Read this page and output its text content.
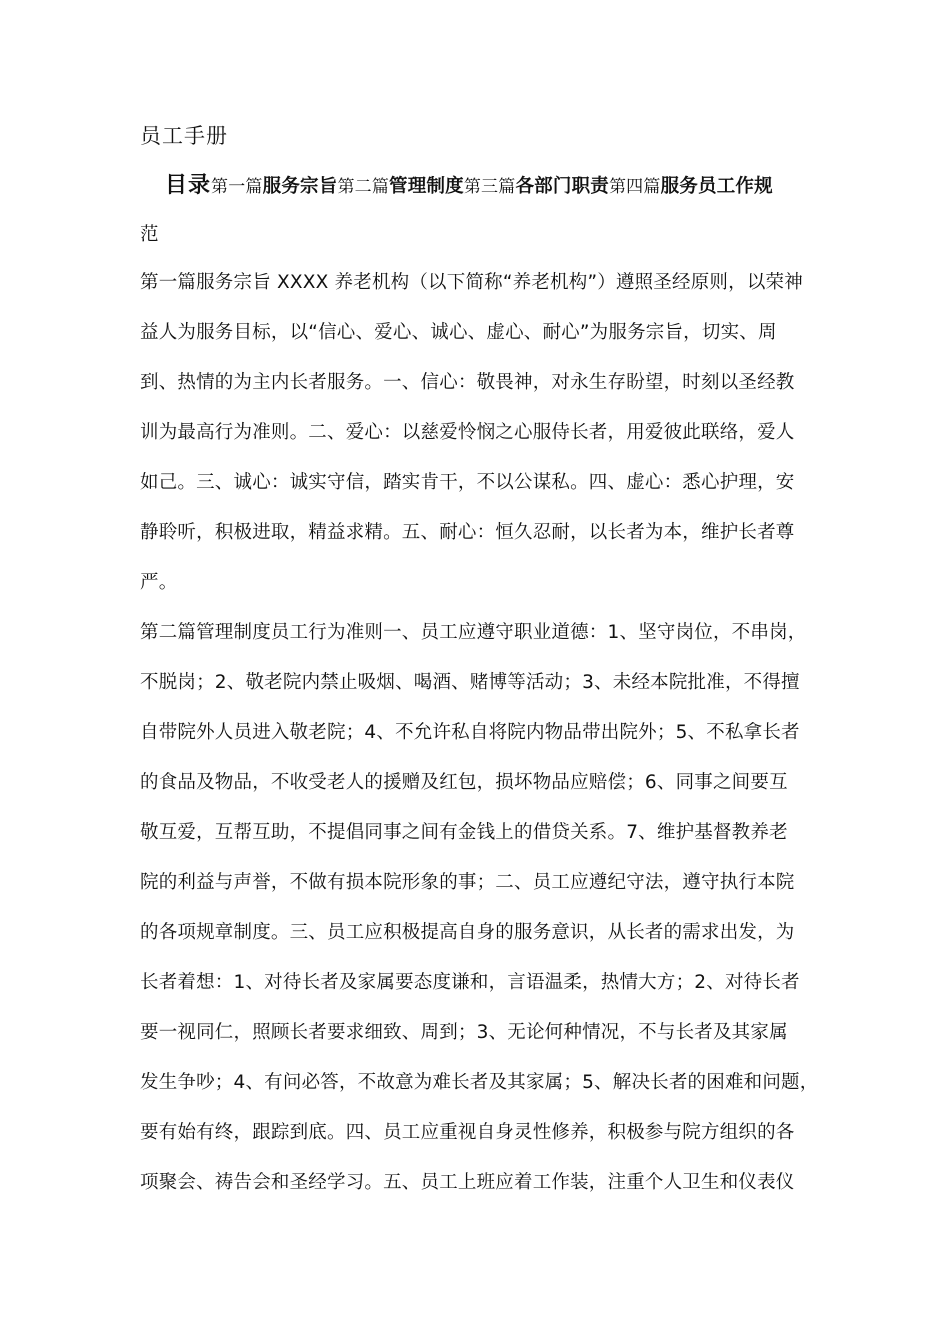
员工手册
目录第一篇服务宗旨第二篇管理制度第三篇各部门职责第四篇服务员工作规
范
第一篇服务宗旨 XXXX 养老机构（以下简称“养老机构”）遵照圣经原则，以荣神
益人为服务目标，以“信心、爱心、诚心、虚心、耐心”为服务宗旨，切实、周
到、热情的为主内长者服务。一、信心：敬畏神，对永生存盼望，时刻以圣经教
训为最高行为准则。二、爱心：以慈爱怜悯之心服侍长者，用爱彼此联络，爱人
如己。三、诚心：诚实守信，踏实肯干，不以公谋私。四、虚心：悉心护理，安
静聆听，积极进取，精益求精。五、耐心：恒久忍耐，以长者为本，维护长者尊
严。
第二篇管理制度员工行为准则一、员工应遵守职业道德：1、坚守岗位，不串岗，
不脱岗；2、敬老院内禁止吸烟、喝酒、赌博等活动；3、未经本院批准，不得擅
自带院外人员进入敬老院；4、不允许私自将院内物品带出院外；5、不私拿长者
的食品及物品，不收受老人的援赠及红包，损坏物品应赔偿；6、同事之间要互
敬互爱，互帮互助，不提倡同事之间有金钱上的借贷关系。7、维护基督教养老
院的利益与声誉，不做有损本院形象的事；二、员工应遵纪守法，遵守执行本院
的各项规章制度。三、员工应积极提高自身的服务意识，从长者的需求出发，为
长者着想：1、对待长者及家属要态度谦和，言语温柔，热情大方；2、对待长者
要一视同仁，照顾长者要求细致、周到；3、无论何种情况，不与长者及其家属
发生争吵；4、有问必答，不故意为难长者及其家属；5、解决长者的困难和问题，
要有始有终，跟踪到底。四、员工应重视自身灵性修养，积极参与院方组织的各
项聚会、祷告会和圣经学习。五、员工上班应着工作装，注重个人卫生和仪表仪
